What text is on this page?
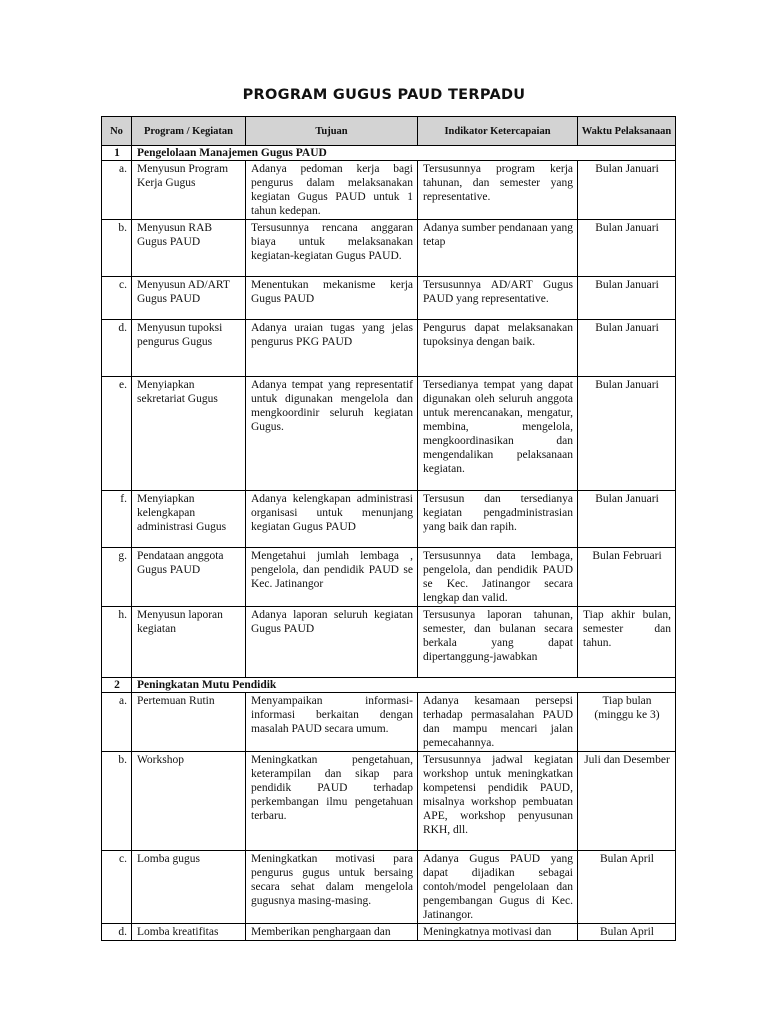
PROGRAM GUGUS PAUD TERPADU
No	Program / Kegiatan	Tujuan	Indikator Ketercapaian	Waktu Pelaksanaan
1	Pengelolaan Manajemen Gugus PAUD			
a.	Menyusun Program Kerja Gugus	Adanya pedoman kerja bagi pengurus dalam melaksanakan kegiatan Gugus PAUD untuk 1 tahun kedepan.	Tersusunnya program kerja tahunan, dan semester yang representative.	Bulan Januari
b.	Menyusun RAB Gugus PAUD	Tersusunnya rencana anggaran biaya untuk melaksanakan kegiatan-kegiatan Gugus PAUD.	Adanya sumber pendanaan yang tetap	Bulan Januari
c.	Menyusun AD/ART Gugus PAUD	Menentukan mekanisme kerja Gugus PAUD	Tersusunnya AD/ART Gugus PAUD yang representative.	Bulan Januari
d.	Menyusun tupoksi pengurus Gugus	Adanya uraian tugas yang jelas pengurus PKG PAUD	Pengurus dapat melaksanakan tupoksinya dengan baik.	Bulan Januari
e.	Menyiapkan sekretariat Gugus	Adanya tempat yang representatif untuk digunakan mengelola dan mengkoordinir seluruh kegiatan Gugus.	Tersedianya tempat yang dapat digunakan oleh seluruh anggota untuk merencanakan, mengatur, membina, mengelola, mengkoordinasikan dan mengendalikan pelaksanaan kegiatan.	Bulan Januari
f.	Menyiapkan kelengkapan administrasi Gugus	Adanya kelengkapan administrasi organisasi untuk menunjang kegiatan Gugus PAUD	Tersusun dan tersedianya kegiatan pengadministrasian yang baik dan rapih.	Bulan Januari
g.	Pendataan anggota Gugus PAUD	Mengetahui jumlah lembaga , pengelola, dan pendidik PAUD se Kec. Jatinangor	Tersusunnya data lembaga, pengelola, dan pendidik PAUD se Kec. Jatinangor secara lengkap dan valid.	Bulan Februari
h.	Menyusun laporan kegiatan	Adanya laporan seluruh kegiatan Gugus PAUD	Tersusunya laporan tahunan, semester, dan bulanan secara berkala yang dapat dipertanggung-jawabkan	Tiap akhir bulan, semester dan tahun.
2	Peningkatan Mutu Pendidik			
a.	Pertemuan Rutin	Menyampaikan informasi-informasi berkaitan dengan masalah PAUD secara umum.	Adanya kesamaan persepsi terhadap permasalahan PAUD dan mampu mencari jalan pemecahannya.	Tiap bulan (minggu ke 3)
b.	Workshop	Meningkatkan pengetahuan, keterampilan dan sikap para pendidik PAUD terhadap perkembangan ilmu pengetahuan terbaru.	Tersusunnya jadwal kegiatan workshop untuk meningkatkan kompetensi pendidik PAUD, misalnya workshop pembuatan APE, workshop penyusunan RKH, dll.	Juli dan Desember
c.	Lomba gugus	Meningkatkan motivasi para pengurus gugus untuk bersaing secara sehat dalam mengelola gugusnya masing-masing.	Adanya Gugus PAUD yang dapat dijadikan sebagai contoh/model pengelolaan dan pengembangan Gugus di Kec. Jatinangor.	Bulan April
d.	Lomba kreatifitas	Memberikan penghargaan dan	Meningkatnya motivasi dan	Bulan April
